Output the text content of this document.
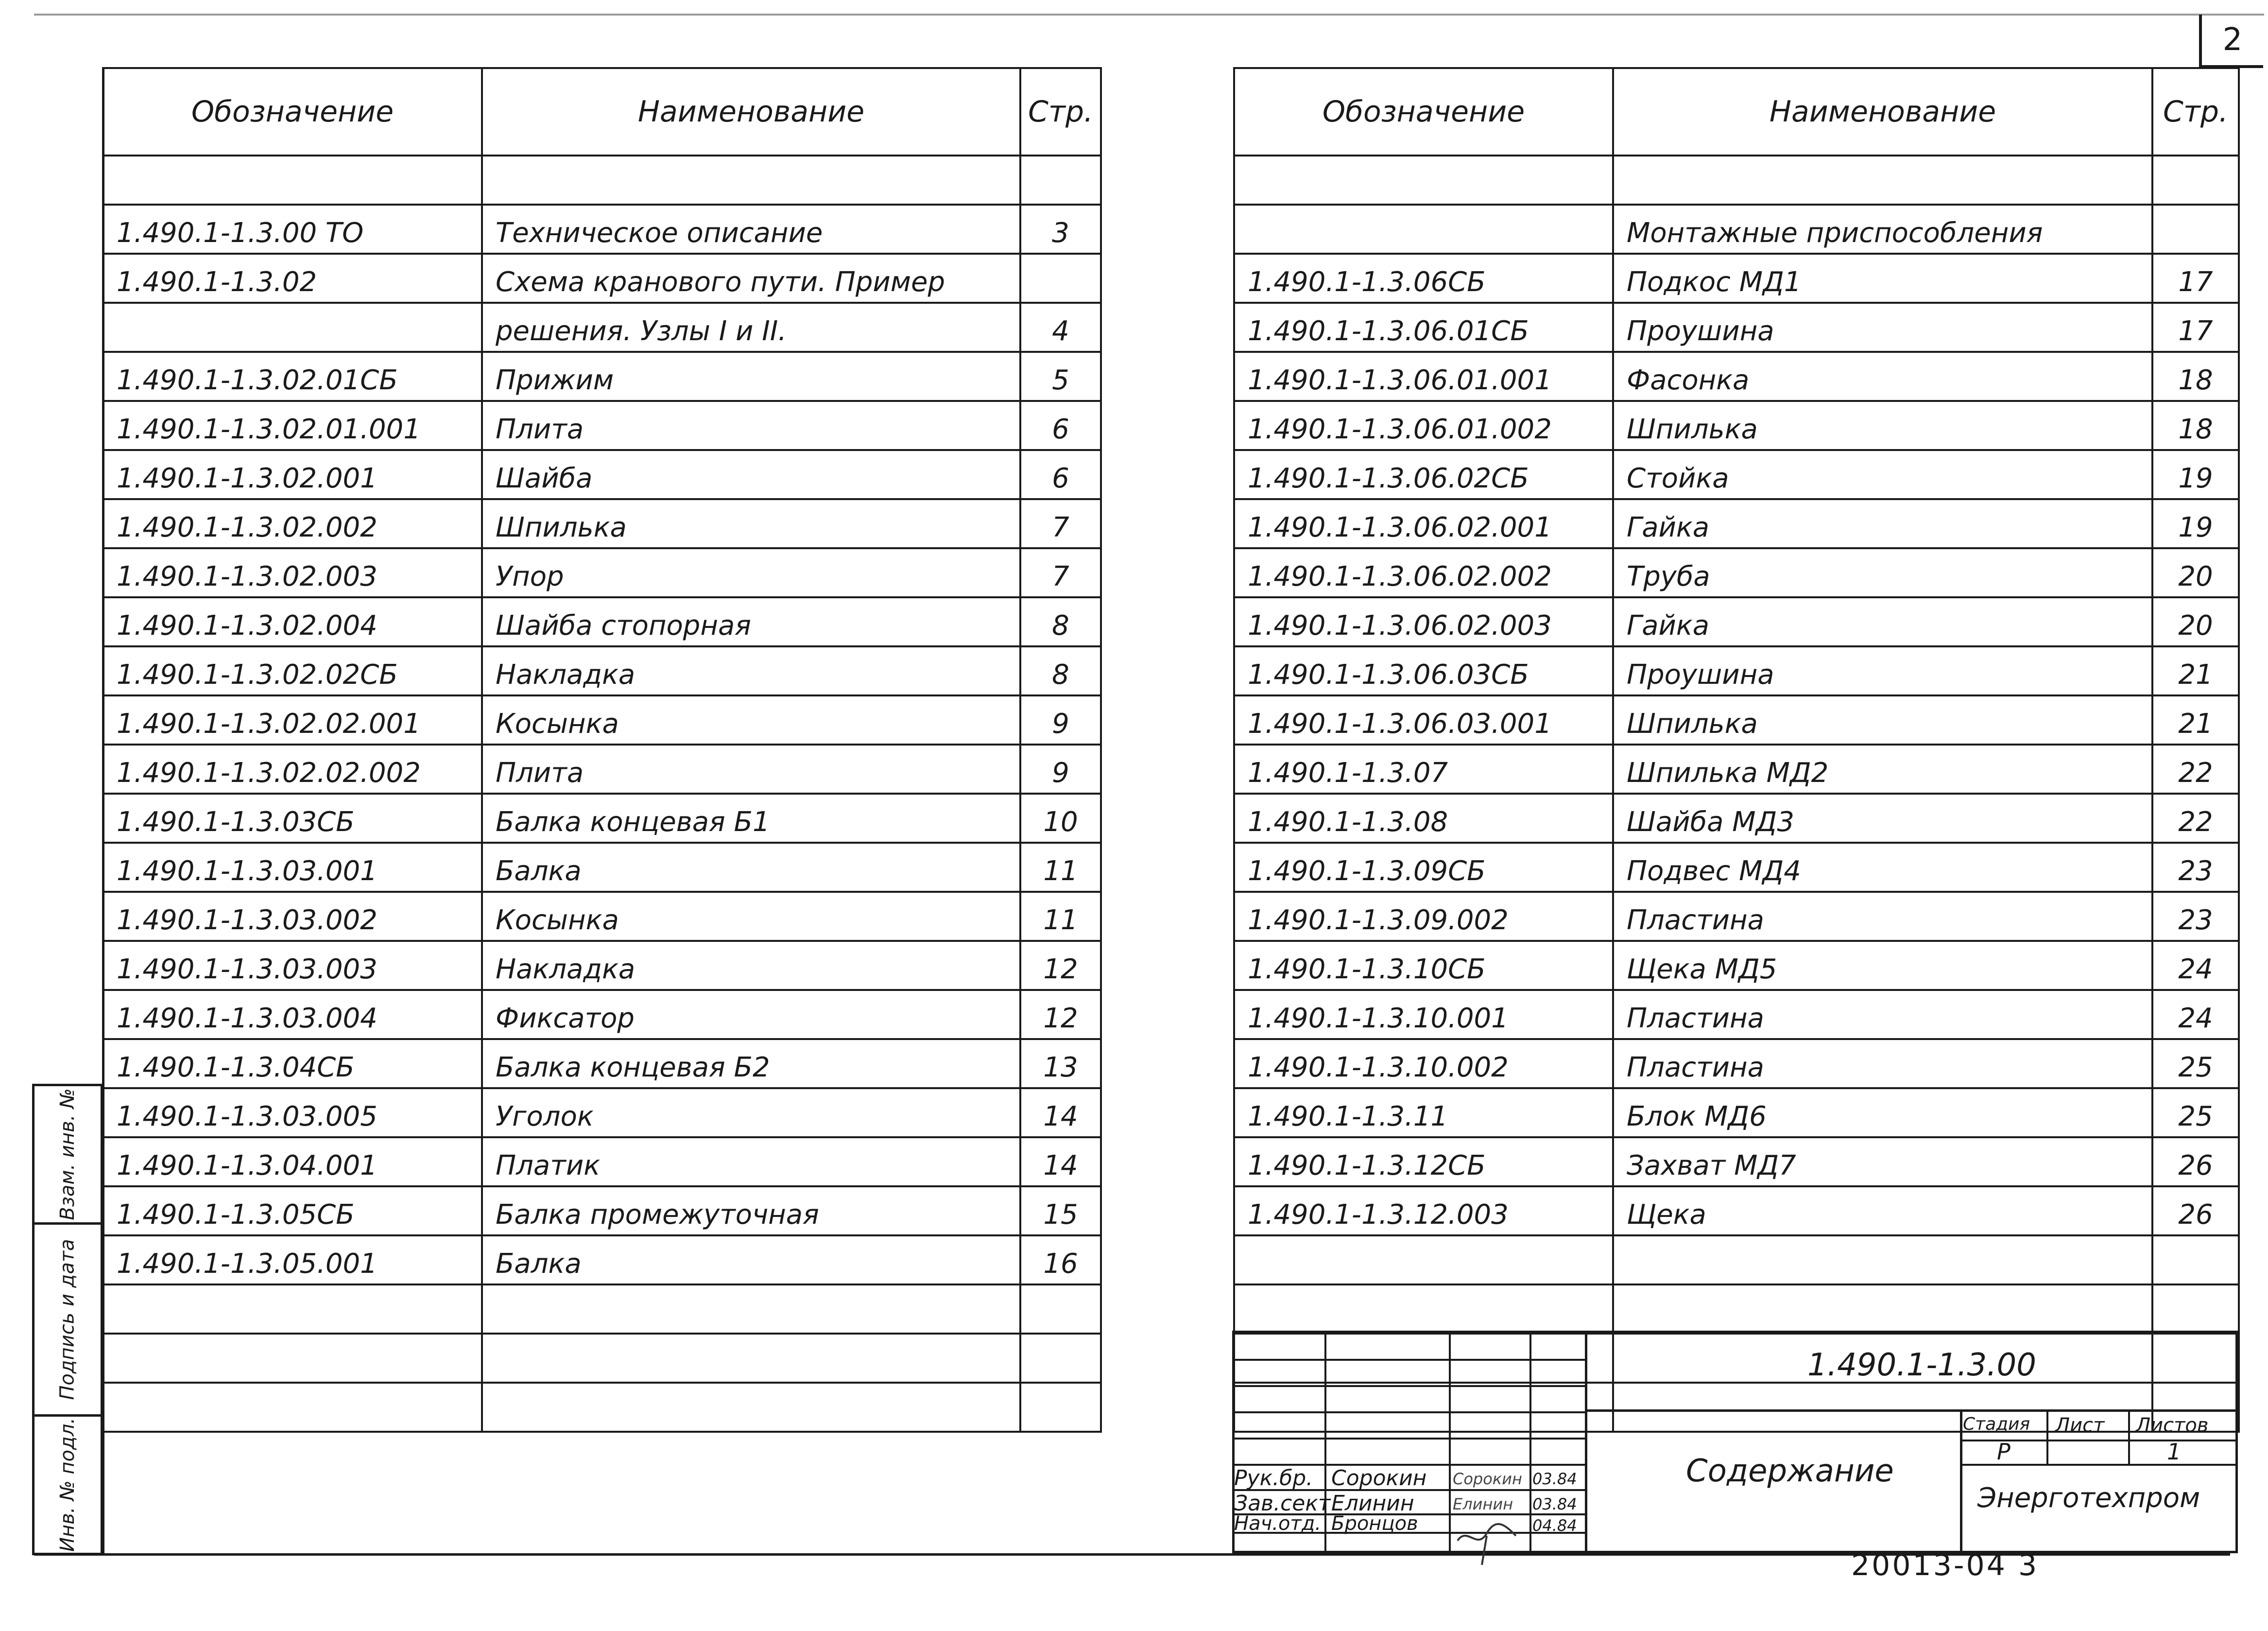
2
Обозначение	Наименование	Стр.

1.490.1-1.3.00 ТО	Техническое описание	3
1.490.1-1.3.02	Схема кранового пути. Пример	
	решения. Узлы I и II.	4
1.490.1-1.3.02.01СБ	Прижим	5
1.490.1-1.3.02.01.001	Плита	6
1.490.1-1.3.02.001	Шайба	6
1.490.1-1.3.02.002	Шпилька	7
1.490.1-1.3.02.003	Упор	7
1.490.1-1.3.02.004	Шайба стопорная	8
1.490.1-1.3.02.02СБ	Накладка	8
1.490.1-1.3.02.02.001	Косынка	9
1.490.1-1.3.02.02.002	Плита	9
1.490.1-1.3.03СБ	Балка концевая Б1	10
1.490.1-1.3.03.001	Балка	11
1.490.1-1.3.03.002	Косынка	11
1.490.1-1.3.03.003	Накладка	12
1.490.1-1.3.03.004	Фиксатор	12
1.490.1-1.3.04СБ	Балка концевая Б2	13
1.490.1-1.3.03.005	Уголок	14
1.490.1-1.3.04.001	Платик	14
1.490.1-1.3.05СБ	Балка промежуточная	15
1.490.1-1.3.05.001	Балка	16

Обозначение	Наименование	Стр.

	Монтажные приспособления	
1.490.1-1.3.06СБ	Подкос МД1	17
1.490.1-1.3.06.01СБ	Проушина	17
1.490.1-1.3.06.01.001	Фасонка	18
1.490.1-1.3.06.01.002	Шпилька	18
1.490.1-1.3.06.02СБ	Стойка	19
1.490.1-1.3.06.02.001	Гайка	19
1.490.1-1.3.06.02.002	Труба	20
1.490.1-1.3.06.02.003	Гайка	20
1.490.1-1.3.06.03СБ	Проушина	21
1.490.1-1.3.06.03.001	Шпилька	21
1.490.1-1.3.07	Шпилька МД2	22
1.490.1-1.3.08	Шайба МД3	22
1.490.1-1.3.09СБ	Подвес МД4	23
1.490.1-1.3.09.002	Пластина	23
1.490.1-1.3.10СБ	Щека МД5	24
1.490.1-1.3.10.001	Пластина	24
1.490.1-1.3.10.002	Пластина	25
1.490.1-1.3.11	Блок МД6	25
1.490.1-1.3.12СБ	Захват МД7	26
1.490.1-1.3.12.003	Щека	26

Взам. инв. №
Подпись и дата
Инв. № подл.
1.490.1-1.3.00
Содержание
Стадия Лист Листов
Р	1
Энерготехпром
Рук.бр. Сорокин Сорокин 03.84
Зав.сект.
Елинин Елинин 03.84
Нач.отд. Бронцов	04.84
20013-04 3
